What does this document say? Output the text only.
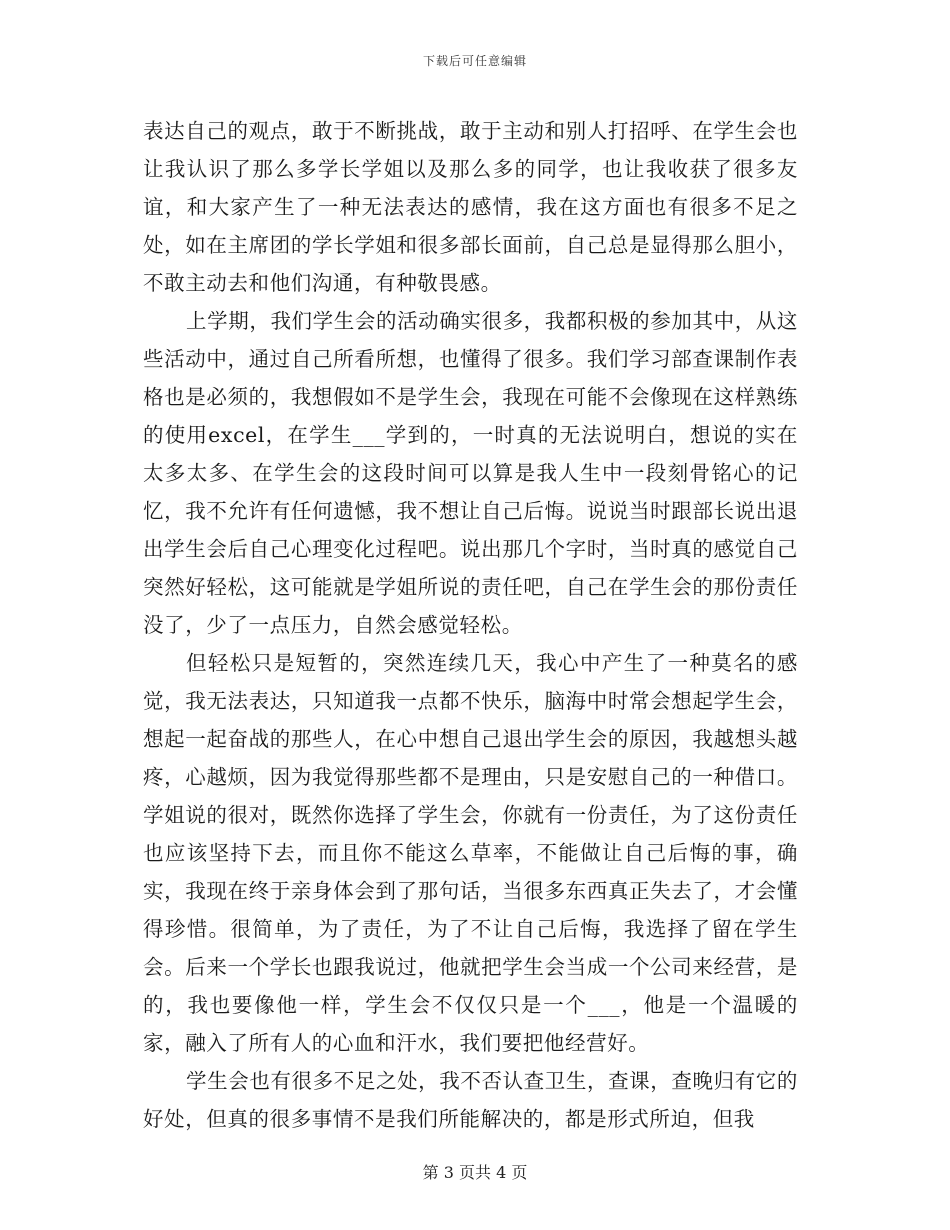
下载后可任意编辑

表达自己的观点，敢于不断挑战，敢于主动和别人打招呼、在学生会也让我认识了那么多学长学姐以及那么多的同学，也让我收获了很多友谊，和大家产生了一种无法表达的感情，我在这方面也有很多不足之处，如在主席团的学长学姐和很多部长面前，自己总是显得那么胆小，不敢主动去和他们沟通，有种敬畏感。

上学期，我们学生会的活动确实很多，我都积极的参加其中，从这些活动中，通过自己所看所想，也懂得了很多。我们学习部查课制作表格也是必须的，我想假如不是学生会，我现在可能不会像现在这样熟练的使用excel，在学生___学到的，一时真的无法说明白，想说的实在太多太多、在学生会的这段时间可以算是我人生中一段刻骨铭心的记忆，我不允许有任何遗憾，我不想让自己后悔。说说当时跟部长说出退出学生会后自己心理变化过程吧。说出那几个字时，当时真的感觉自己突然好轻松，这可能就是学姐所说的责任吧，自己在学生会的那份责任没了，少了一点压力，自然会感觉轻松。

但轻松只是短暂的，突然连续几天，我心中产生了一种莫名的感觉，我无法表达，只知道我一点都不快乐，脑海中时常会想起学生会，想起一起奋战的那些人，在心中想自己退出学生会的原因，我越想头越疼，心越烦，因为我觉得那些都不是理由，只是安慰自己的一种借口。学姐说的很对，既然你选择了学生会，你就有一份责任，为了这份责任也应该坚持下去，而且你不能这么草率，不能做让自己后悔的事，确实，我现在终于亲身体会到了那句话，当很多东西真正失去了，才会懂得珍惜。很简单，为了责任，为了不让自己后悔，我选择了留在学生会。后来一个学长也跟我说过，他就把学生会当成一个公司来经营，是的，我也要像他一样，学生会不仅仅只是一个___，他是一个温暖的家，融入了所有人的心血和汗水，我们要把他经营好。

学生会也有很多不足之处，我不否认查卫生，查课，查晚归有它的好处，但真的很多事情不是我们所能解决的，都是形式所迫，但我

第 3 页共 4 页
